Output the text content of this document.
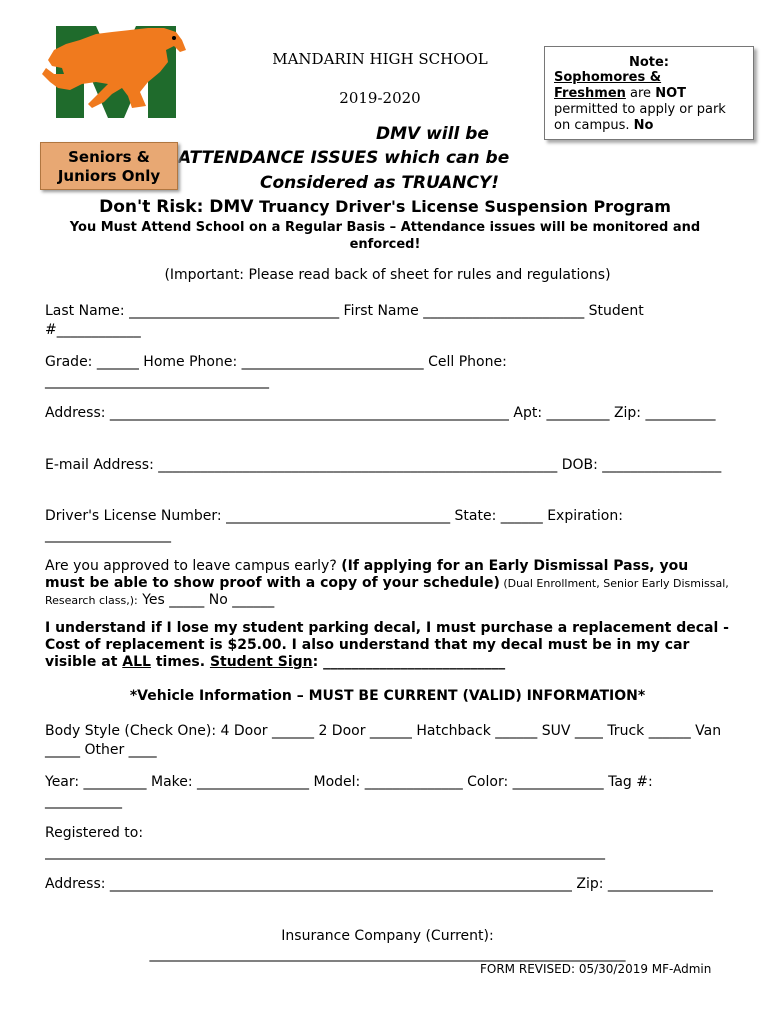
MANDARIN HIGH SCHOOL
2019-2020
Note:
Sophomores &
Freshmen are NOT
permitted to apply or park
on campus. No
DMV will be
ATTENDANCE ISSUES which can be
Considered as TRUANCY!
Seniors &
Juniors Only
Don't Risk: DMV Truancy Driver's License Suspension Program
You Must Attend School on a Regular Basis – Attendance issues will be monitored and enforced!
(Important: Please read back of sheet for rules and regulations)
Last Name: ______________________________ First Name _______________________ Student #____________
Grade: ______ Home Phone: __________________________ Cell Phone: ________________________________
Address: _________________________________________________________ Apt: _________ Zip: __________
E-mail Address: _________________________________________________________ DOB: _________________
Driver's License Number: ________________________________ State: ______ Expiration: __________________
Are you approved to leave campus early? (If applying for an Early Dismissal Pass, you must be able to show proof with a copy of your schedule) (Dual Enrollment, Senior Early Dismissal, Research class,): Yes _____ No ______
I understand if I lose my student parking decal, I must purchase a replacement decal - Cost of replacement is $25.00. I also understand that my decal must be in my car visible at ALL times. Student Sign: __________________________
*Vehicle Information – MUST BE CURRENT (VALID) INFORMATION*
Body Style (Check One): 4 Door ______ 2 Door ______ Hatchback ______ SUV ____ Truck ______ Van _____ Other ____
Year: _________ Make: ________________ Model: ______________ Color: _____________ Tag #: ___________
Registered to:
________________________________________________________________________________
Address: __________________________________________________________________ Zip: _______________
Insurance Company (Current):
____________________________________________________________________
FORM REVISED: 05/30/2019 MF-Admin
